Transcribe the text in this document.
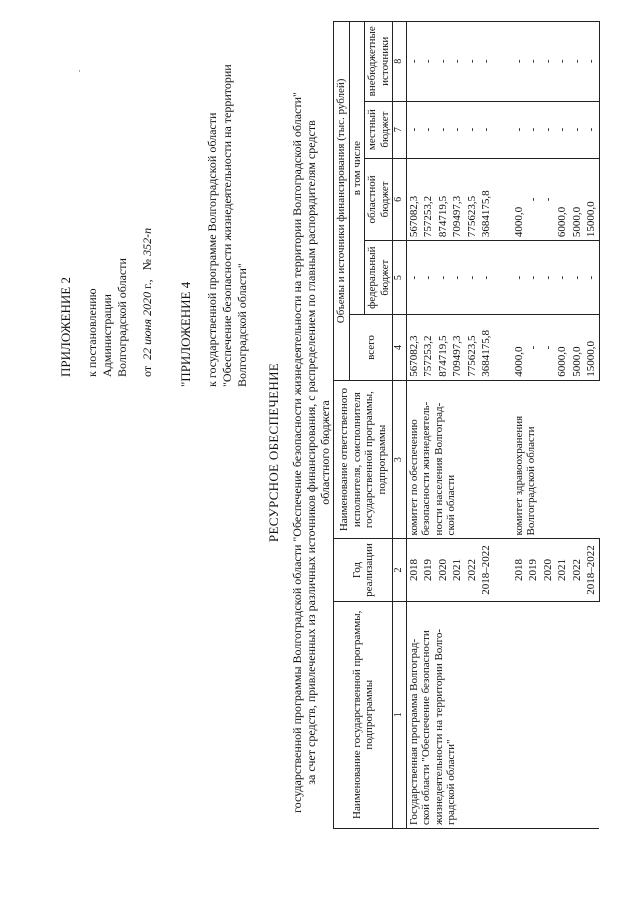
.
ПРИЛОЖЕНИЕ 2 к постановлению Администрации Волгоградской области от  22 июня 2020 г.,   № 352-п
"ПРИЛОЖЕНИЕ 4 к государственной программе Волгоградской области "Обеспечение безопасности жизнедеятельности на территории Волгоградской области"
РЕСУРСНОЕ ОБЕСПЕЧЕНИЕ государственной программы Волгоградской области "Обеспечение безопасности жизнедеятельности на территории Волгоградской области" за счет средств, привлеченных из различных источников финансирования, с распределением по главным распорядителям средств областного бюджета
Наименование государственной программы, подпрограммы	Год реализации	Наименование ответственного исполнителя, соисполнителя государственной программы, подпрограммы	Объемы и источники финансирования (тыс. рублей)				
			всего	в том числе			
				федеральный бюджет	областной бюджет	местный бюджет	внебюджетные источники
1	2	3	4	5	6	7	8

Государственная программа Волгоград- ской области "Обеспечение безопасности жизнедеятельности на территории Волго- градской области"	2018	комитет по обеспечению безопасности жизнедеятель- ности населения Волгоград- ской области	567082,3	-	567082,3	-	-
	2019		757253,2	-	757253,2	-	-
	2020		874719,5	-	874719,5	-	-
	2021		709497,3	-	709497,3	-	-
	2022		775623,5	-	775623,5	-	-
	2018–2022		3684175,8	-	3684175,8	-	-

	2018	комитет здравоохранения Волгоградской области	4000,0	-	4000,0	-	-
	2019		-	-	-	-	-
	2020		-	-	-	-	-
	2021		6000,0	-	6000,0	-	-
	2022		5000,0	-	5000,0	-	-
	2018–2022		15000,0	-	15000,0	-	-
